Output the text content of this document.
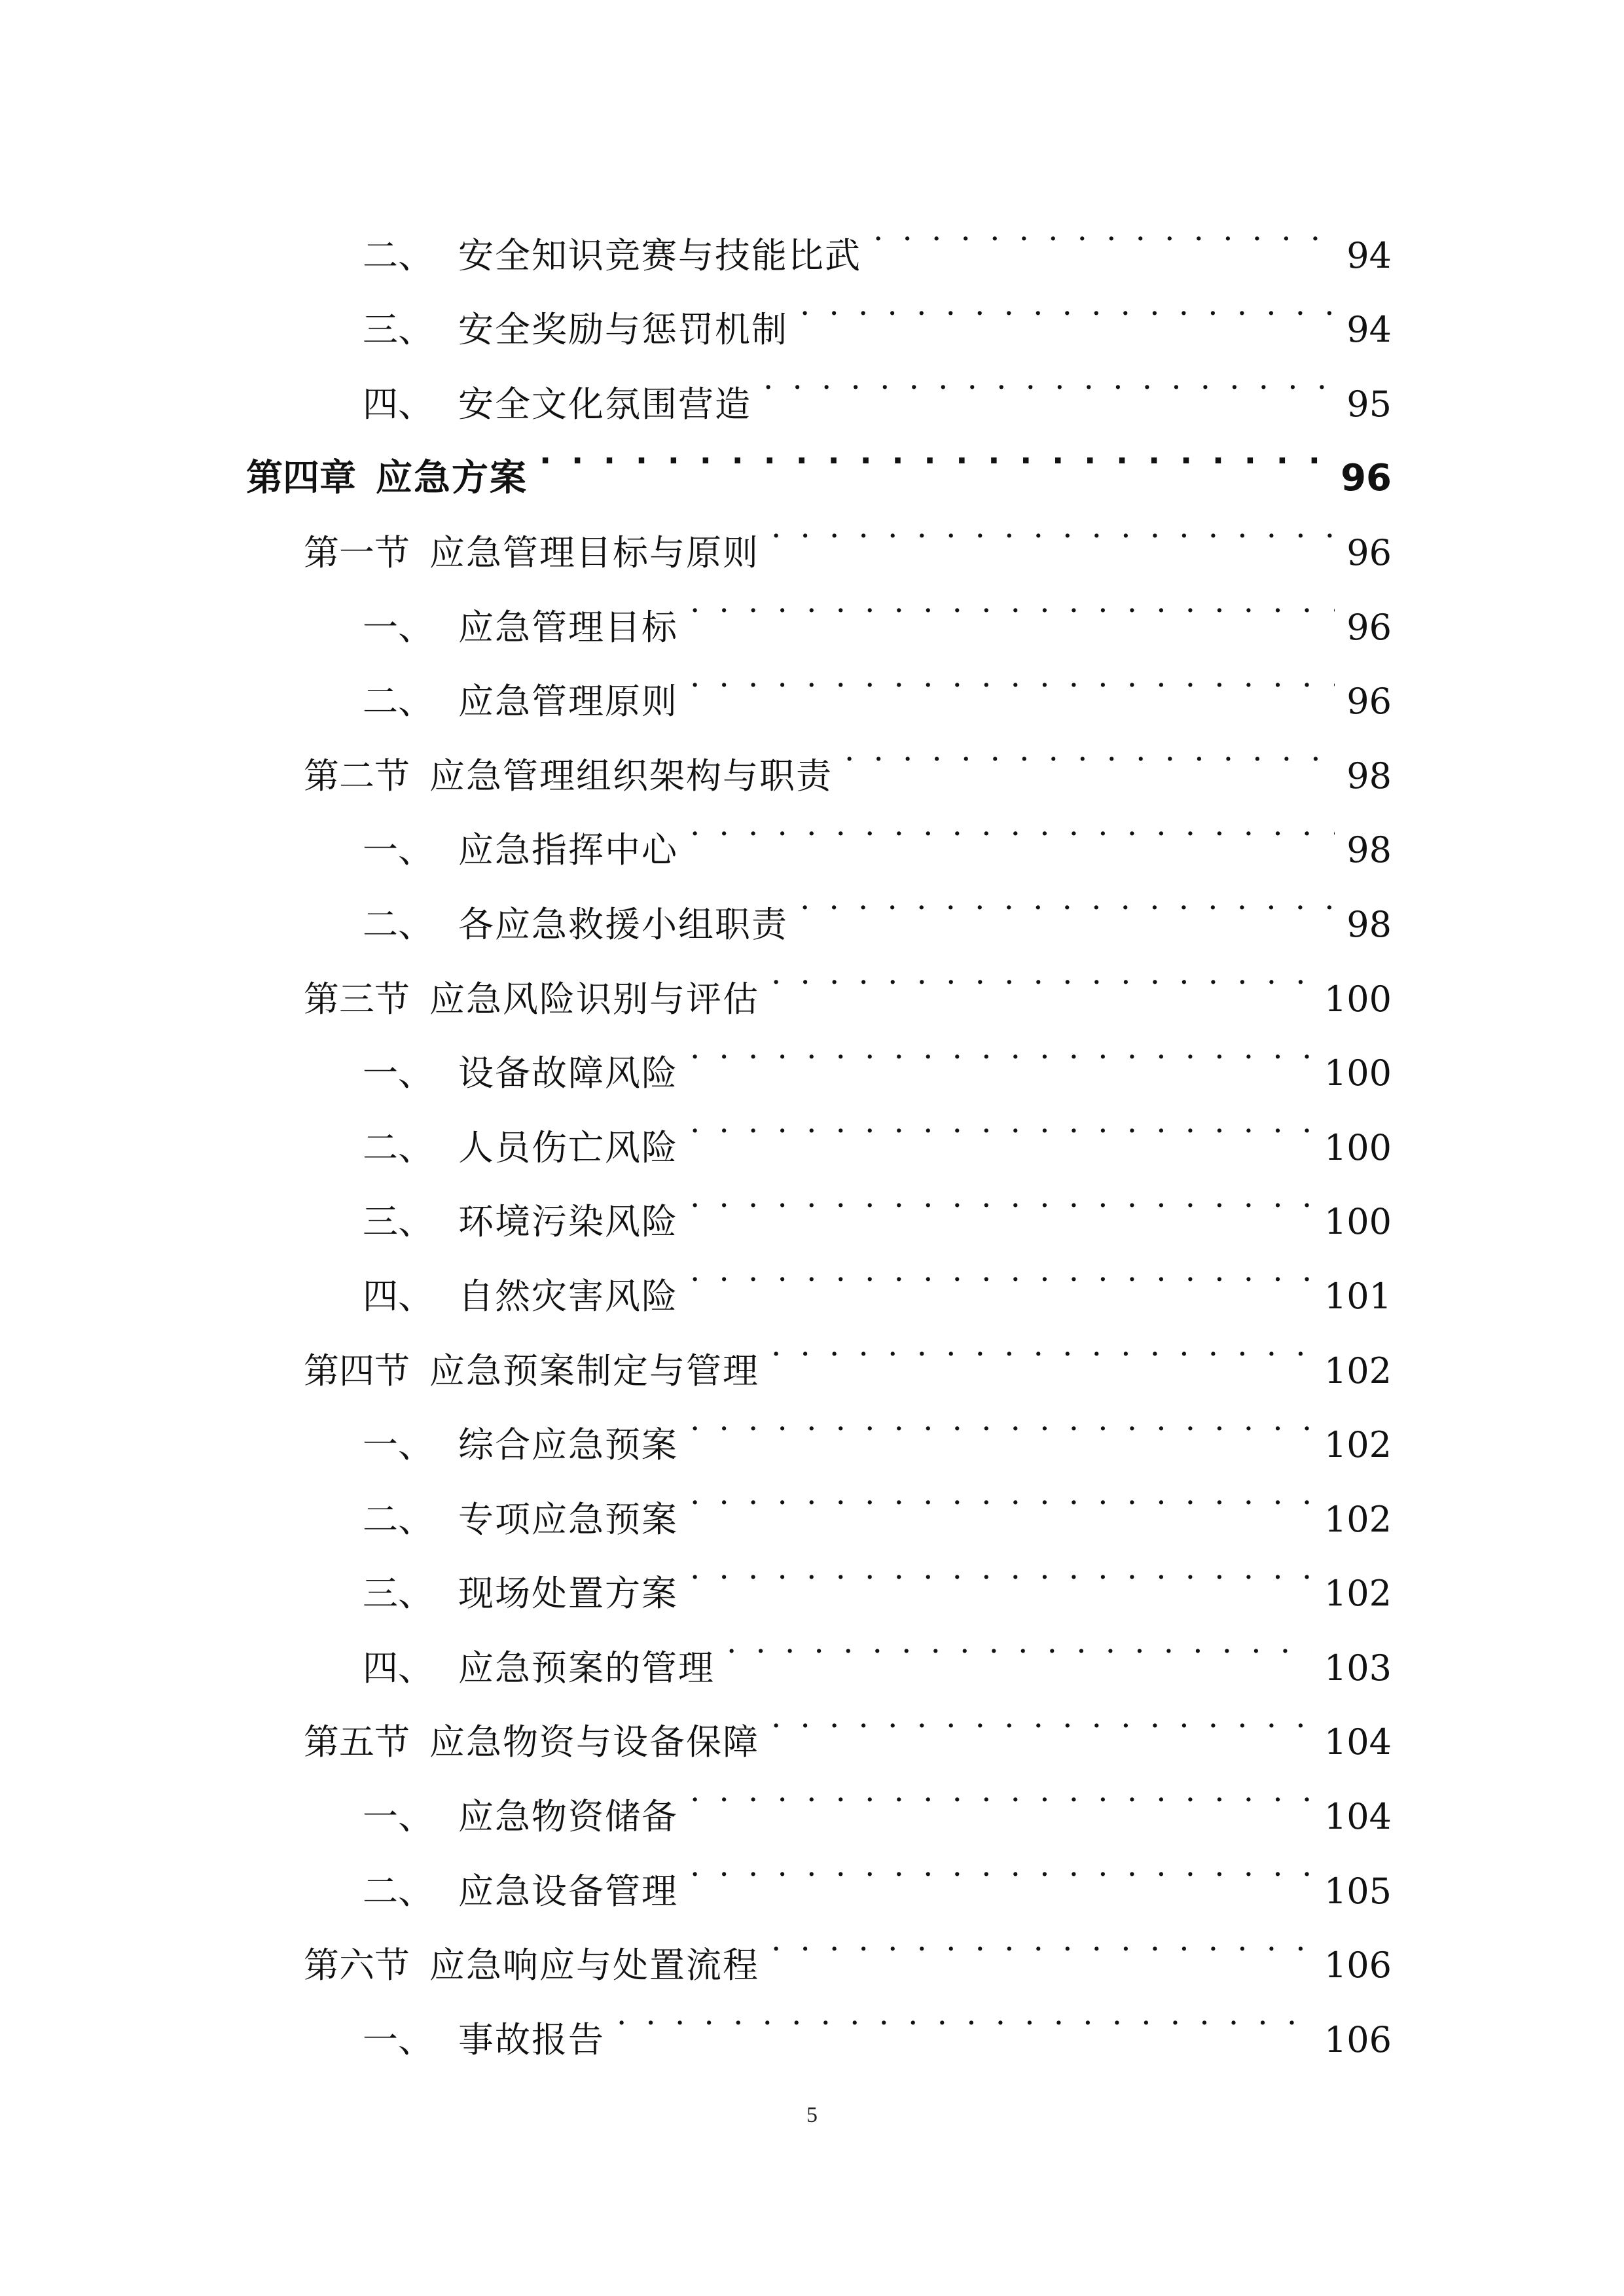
二、 安全知识竞赛与技能比武 . . .	94
三、 安全奖励与惩罚机制 . . .	94
四、 安全文化氛围营造 . . .	95
第四章 应急方案 . . .	96
第一节 应急管理目标与原则 . . .	96
一、 应急管理目标 . . .	96
二、 应急管理原则 . . .	96
第二节 应急管理组织架构与职责 . . .	98
一、 应急指挥中心 . . .	98
二、 各应急救援小组职责 . . .	98
第三节 应急风险识别与评估 . . .	100
一、 设备故障风险 . . .	100
二、 人员伤亡风险 . . .	100
三、 环境污染风险 . . .	100
四、 自然灾害风险 . . .	101
第四节 应急预案制定与管理 . . .	102
一、 综合应急预案 . . .	102
二、 专项应急预案 . . .	102
三、 现场处置方案 . . .	102
四、 应急预案的管理 . . .	103
第五节 应急物资与设备保障 . . .	104
一、 应急物资储备 . . .	104
二、 应急设备管理 . . .	105
第六节 应急响应与处置流程 . . .	106
一、 事故报告 . . .	106
5
